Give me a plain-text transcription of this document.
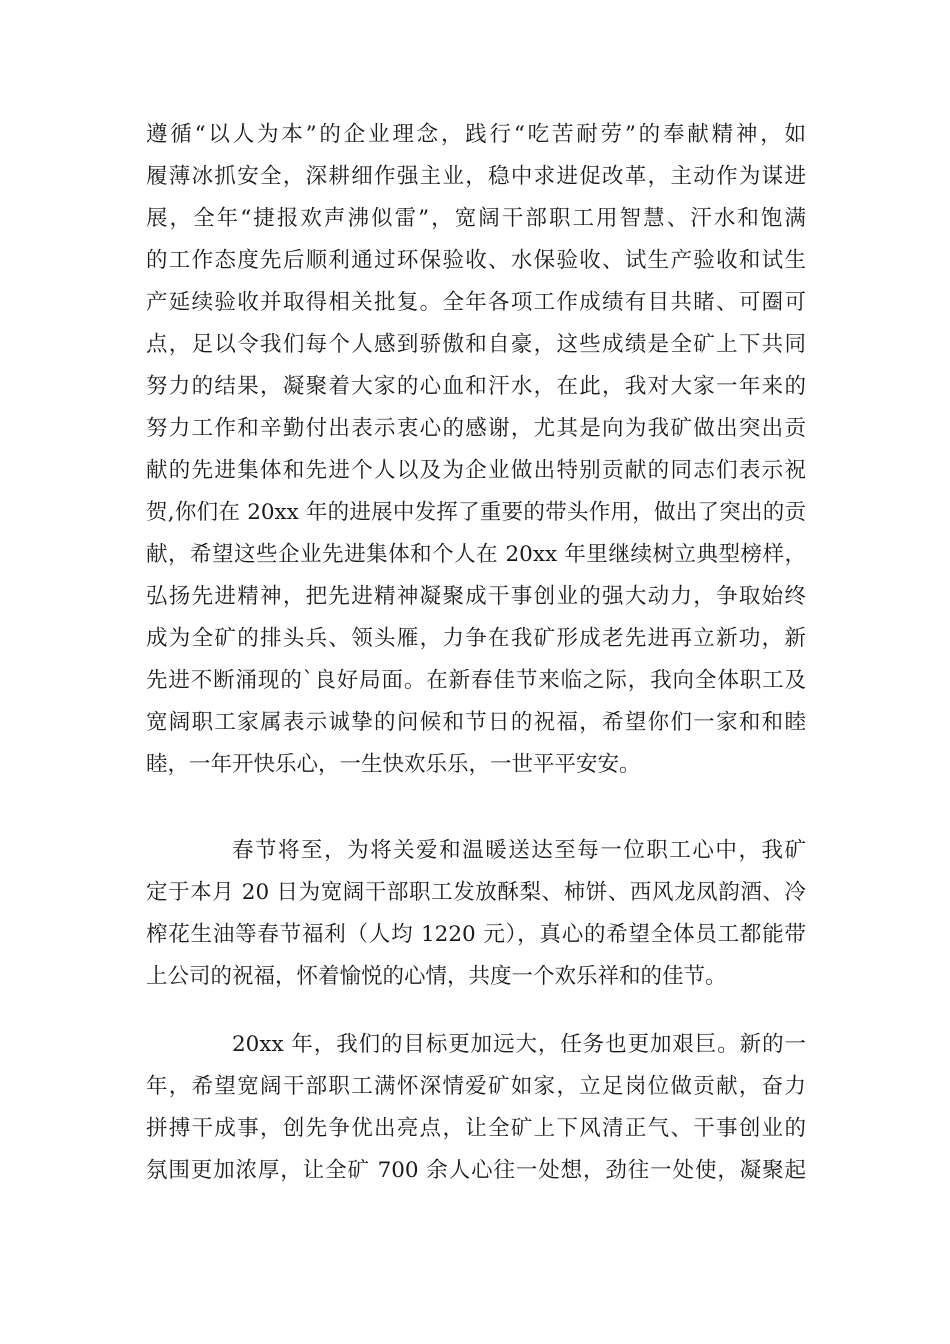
遵循“以人为本”的企业理念，践行“吃苦耐劳”的奉献精神，如
履薄冰抓安全，深耕细作强主业，稳中求进促改革，主动作为谋进
展，全年“捷报欢声沸似雷”，宽阔干部职工用智慧、汗水和饱满
的工作态度先后顺利通过环保验收、水保验收、试生产验收和试生
产延续验收并取得相关批复。全年各项工作成绩有目共睹、可圈可
点，足以令我们每个人感到骄傲和自豪，这些成绩是全矿上下共同
努力的结果，凝聚着大家的心血和汗水，在此，我对大家一年来的
努力工作和辛勤付出表示衷心的感谢，尤其是向为我矿做出突出贡
献的先进集体和先进个人以及为企业做出特别贡献的同志们表示祝
贺,你们在 20xx 年的进展中发挥了重要的带头作用，做出了突出的贡
献，希望这些企业先进集体和个人在 20xx 年里继续树立典型榜样，
弘扬先进精神，把先进精神凝聚成干事创业的强大动力，争取始终
成为全矿的排头兵、领头雁，力争在我矿形成老先进再立新功，新
先进不断涌现的`良好局面。在新春佳节来临之际，我向全体职工及
宽阔职工家属表示诚挚的问候和节日的祝福，希望你们一家和和睦
睦，一年开快乐心，一生快欢乐乐，一世平平安安。
春节将至，为将关爱和温暖送达至每一位职工心中，我矿
定于本月 20 日为宽阔干部职工发放酥梨、柿饼、西风龙凤韵酒、冷
榨花生油等春节福利（人均 1220 元），真心的希望全体员工都能带
上公司的祝福，怀着愉悦的心情，共度一个欢乐祥和的佳节。
20xx 年，我们的目标更加远大，任务也更加艰巨。新的一
年，希望宽阔干部职工满怀深情爱矿如家，立足岗位做贡献，奋力
拼搏干成事，创先争优出亮点，让全矿上下风清正气、干事创业的
氛围更加浓厚，让全矿 700 余人心往一处想，劲往一处使，凝聚起
